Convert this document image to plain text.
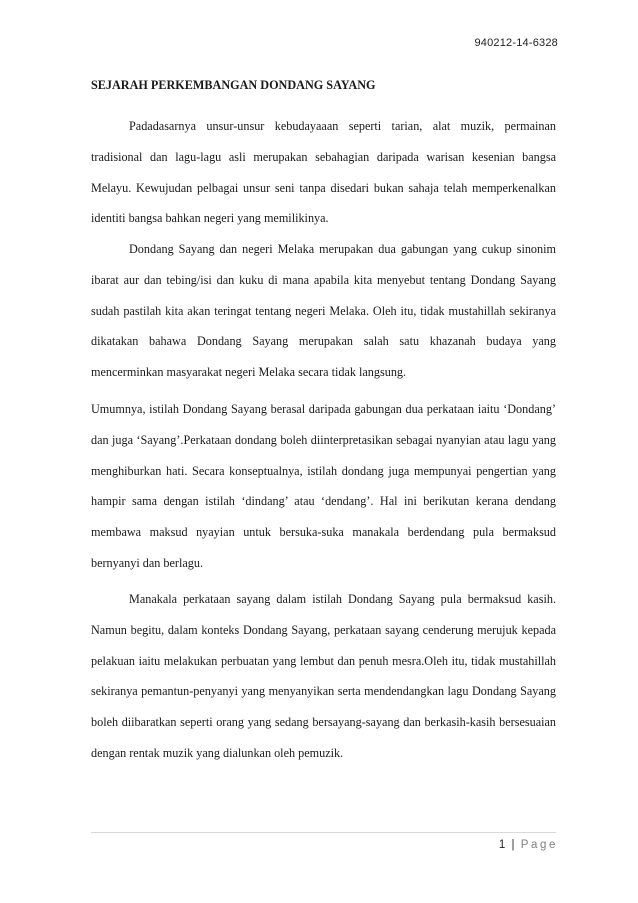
940212-14-6328
SEJARAH PERKEMBANGAN DONDANG SAYANG

Padadasarnya unsur-unsur kebudayaaan seperti tarian, alat muzik, permainan tradisional dan lagu-lagu asli merupakan sebahagian daripada warisan kesenian bangsa Melayu. Kewujudan pelbagai unsur seni tanpa disedari bukan sahaja telah memperkenalkan identiti bangsa bahkan negeri yang memilikinya.

Dondang Sayang dan negeri Melaka merupakan dua gabungan yang cukup sinonim ibarat aur dan tebing/isi dan kuku di mana apabila kita menyebut tentang Dondang Sayang sudah pastilah kita akan teringat tentang negeri Melaka. Oleh itu, tidak mustahillah sekiranya dikatakan bahawa Dondang Sayang merupakan salah satu khazanah budaya yang mencerminkan masyarakat negeri Melaka secara tidak langsung.

Umumnya, istilah Dondang Sayang berasal daripada gabungan dua perkataan iaitu ‘Dondang’ dan juga ‘Sayang’.Perkataan dondang boleh diinterpretasikan sebagai nyanyian atau lagu yang menghiburkan hati. Secara konseptualnya, istilah dondang juga mempunyai pengertian yang hampir sama dengan istilah ‘dindang’ atau ‘dendang’. Hal ini berikutan kerana dendang membawa maksud nyayian untuk bersuka-suka manakala berdendang pula bermaksud bernyanyi dan berlagu.

Manakala perkataan sayang dalam istilah Dondang Sayang pula bermaksud kasih. Namun begitu, dalam konteks Dondang Sayang, perkataan sayang cenderung merujuk kepada pelakuan iaitu melakukan perbuatan yang lembut dan penuh mesra.Oleh itu, tidak mustahillah sekiranya pemantun-penyanyi yang menyanyikan serta mendendangkan lagu Dondang Sayang boleh diibaratkan seperti orang yang sedang bersayang-sayang dan berkasih-kasih bersesuaian dengan rentak muzik yang dialunkan oleh pemuzik.

1 | Page
